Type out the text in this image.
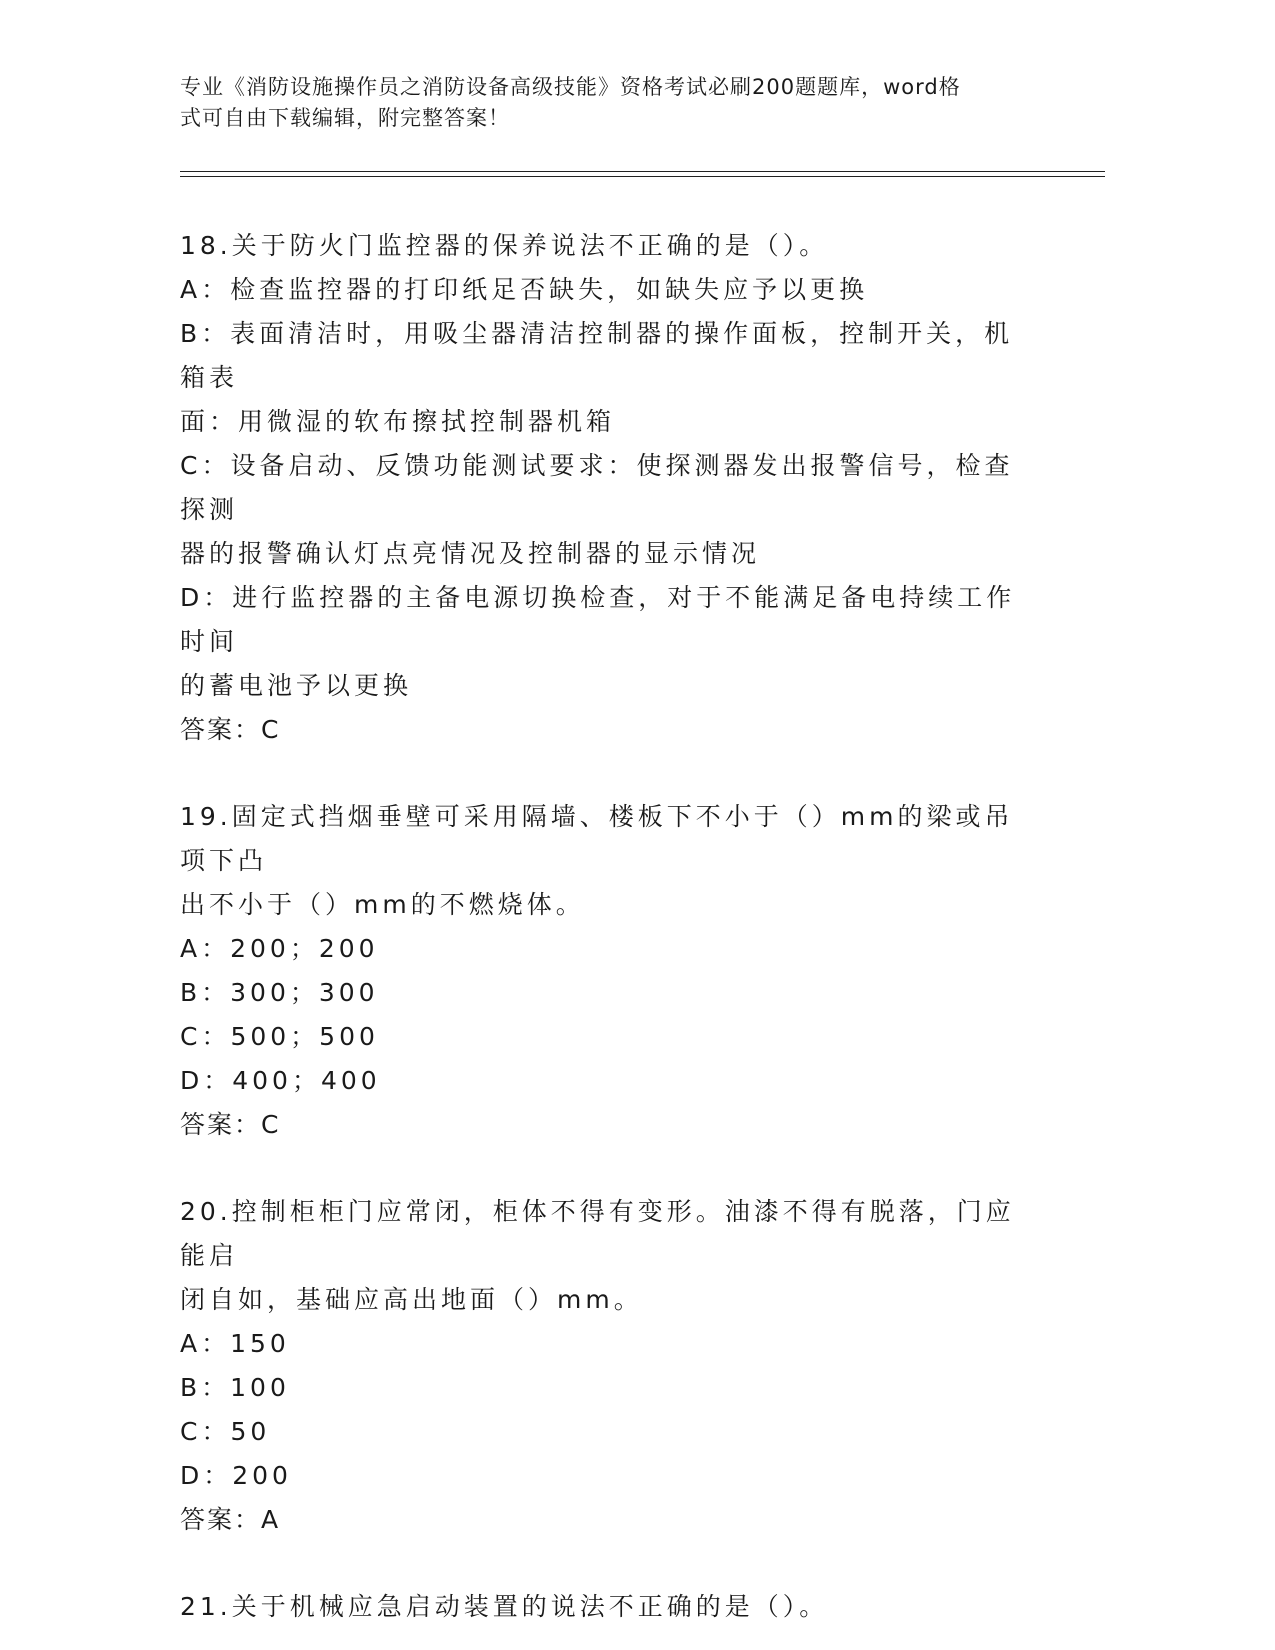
专业《消防设施操作员之消防设备高级技能》资格考试必刷200题题库，word格
式可自由下载编辑，附完整答案！
18.关于防火门监控器的保养说法不正确的是（）。
A：检查监控器的打印纸足否缺失，如缺失应予以更换
B：表面清洁时，用吸尘器清洁控制器的操作面板，控制开关，机箱表
面：用微湿的软布擦拭控制器机箱
C：设备启动、反馈功能测试要求：使探测器发出报警信号，检查探测
器的报警确认灯点亮情况及控制器的显示情况
D：进行监控器的主备电源切换检查，对于不能满足备电持续工作时间
的蓄电池予以更换
答案：C
19.固定式挡烟垂壁可采用隔墙、楼板下不小于（）mm的梁或吊项下凸
出不小于（）mm的不燃烧体。
A：200；200
B：300；300
C：500；500
D：400；400
答案：C
20.控制柜柜门应常闭，柜体不得有变形。油漆不得有脱落，门应能启
闭自如，基础应高出地面（）mm。
A：150
B：100
C：50
D：200
答案：A
21.关于机械应急启动装置的说法不正确的是（）。
